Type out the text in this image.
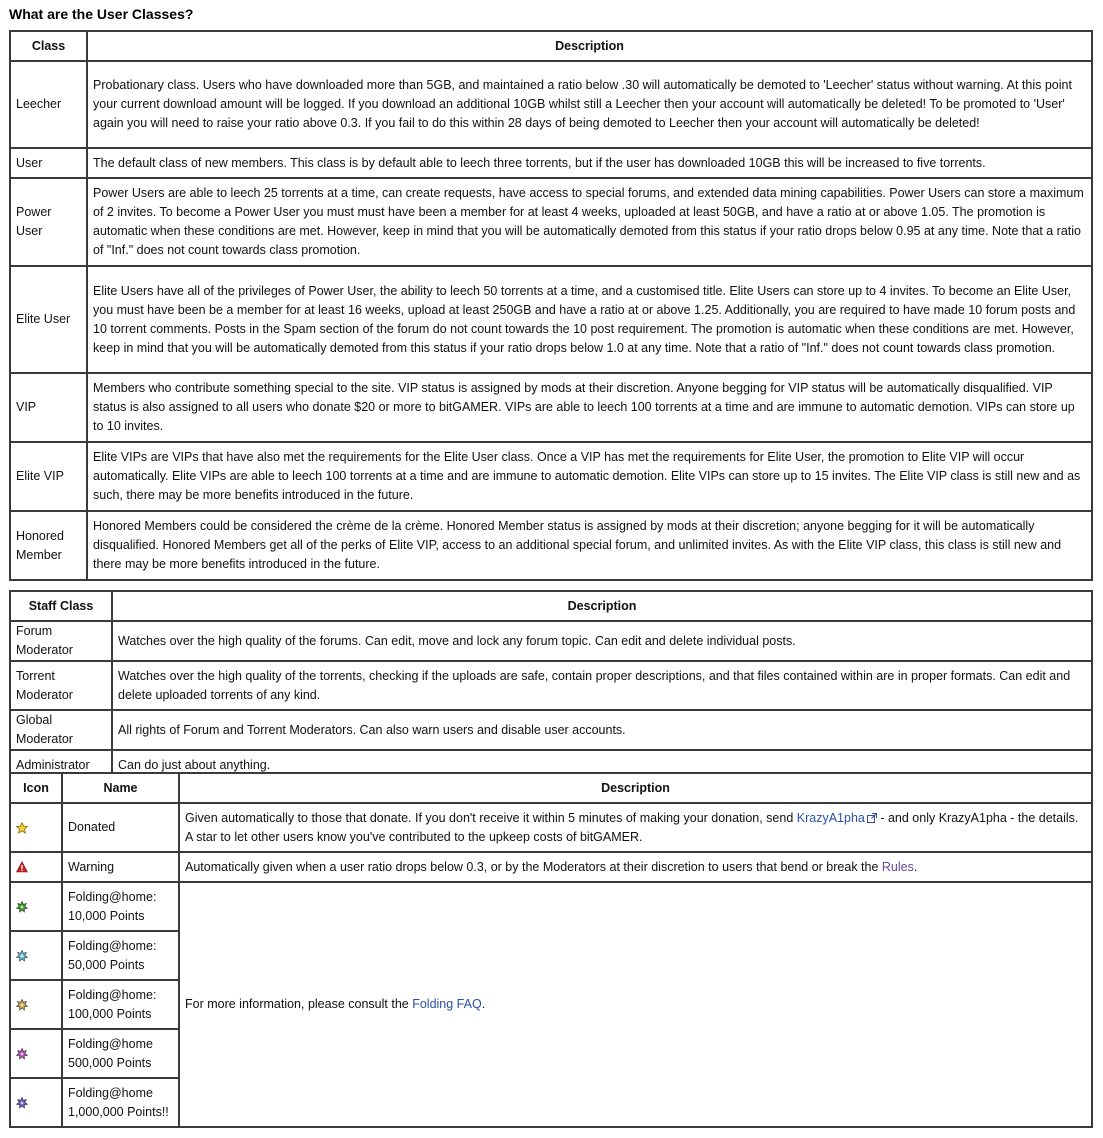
What are the User Classes?
Class	Description
Leecher	Probationary class. Users who have downloaded more than 5GB, and maintained a ratio below .30 will automatically be demoted to 'Leecher' status without warning. At this point your current download amount will be logged. If you download an additional 10GB whilst still a Leecher then your account will automatically be deleted! To be promoted to 'User' again you will need to raise your ratio above 0.3. If you fail to do this within 28 days of being demoted to Leecher then your account will automatically be deleted!
User	The default class of new members. This class is by default able to leech three torrents, but if the user has downloaded 10GB this will be increased to five torrents.
Power User	Power Users are able to leech 25 torrents at a time, can create requests, have access to special forums, and extended data mining capabilities. Power Users can store a maximum of 2 invites. To become a Power User you must must have been a member for at least 4 weeks, uploaded at least 50GB, and have a ratio at or above 1.05. The promotion is automatic when these conditions are met. However, keep in mind that you will be automatically demoted from this status if your ratio drops below 0.95 at any time. Note that a ratio of "Inf." does not count towards class promotion.
Elite User	Elite Users have all of the privileges of Power User, the ability to leech 50 torrents at a time, and a customised title. Elite Users can store up to 4 invites. To become an Elite User, you must have been be a member for at least 16 weeks, upload at least 250GB and have a ratio at or above 1.25. Additionally, you are required to have made 10 forum posts and 10 torrent comments. Posts in the Spam section of the forum do not count towards the 10 post requirement. The promotion is automatic when these conditions are met. However, keep in mind that you will be automatically demoted from this status if your ratio drops below 1.0 at any time. Note that a ratio of "Inf." does not count towards class promotion.
VIP	Members who contribute something special to the site. VIP status is assigned by mods at their discretion. Anyone begging for VIP status will be automatically disqualified. VIP status is also assigned to all users who donate $20 or more to bitGAMER. VIPs are able to leech 100 torrents at a time and are immune to automatic demotion. VIPs can store up to 10 invites.
Elite VIP	Elite VIPs are VIPs that have also met the requirements for the Elite User class. Once a VIP has met the requirements for Elite User, the promotion to Elite VIP will occur automatically. Elite VIPs are able to leech 100 torrents at a time and are immune to automatic demotion. Elite VIPs can store up to 15 invites. The Elite VIP class is still new and as such, there may be more benefits introduced in the future.
Honored Member	Honored Members could be considered the crème de la crème. Honored Member status is assigned by mods at their discretion; anyone begging for it will be automatically disqualified. Honored Members get all of the perks of Elite VIP, access to an additional special forum, and unlimited invites. As with the Elite VIP class, this class is still new and there may be more benefits introduced in the future.
Staff Class	Description
Forum Moderator	Watches over the high quality of the forums. Can edit, move and lock any forum topic. Can edit and delete individual posts.
Torrent Moderator	Watches over the high quality of the torrents, checking if the uploads are safe, contain proper descriptions, and that files contained within are in proper formats. Can edit and delete uploaded torrents of any kind.
Global Moderator	All rights of Forum and Torrent Moderators. Can also warn users and disable user accounts.
Administrator	Can do just about anything.
Icon	Name	Description
	Donated	Given automatically to those that donate. If you don't receive it within 5 minutes of making your donation, send KrazyA1pha - and only KrazyA1pha - the details. A star to let other users know you've contributed to the upkeep costs of bitGAMER.
	Warning	Automatically given when a user ratio drops below 0.3, or by the Moderators at their discretion to users that bend or break the Rules.
	Folding@home: 10,000 Points	For more information, please consult the Folding FAQ.
	Folding@home: 50,000 Points	
	Folding@home: 100,000 Points	
	Folding@home 500,000 Points	
	Folding@home 1,000,000 Points!!	
